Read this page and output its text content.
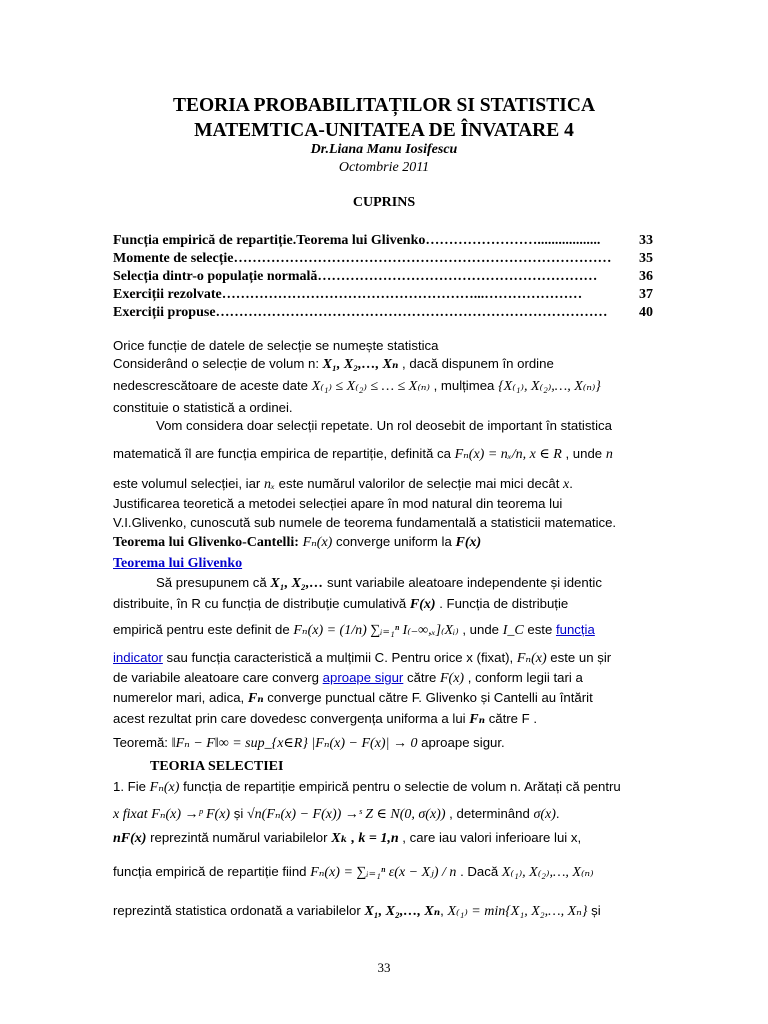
TEORIA PROBABILITAȚILOR SI STATISTICA
MATEMTICA-UNITATEA DE ÎNVATARE 4
Dr.Liana Manu Iosifescu
Octombrie 2011
CUPRINS
Funcția empirică de repartiție.Teorema lui Glivenko ……………………..................	33
Momente de selecție ………………………………………………………………………	35
Selecția dintr-o populație normală ……………………………………………………	36
Exerciții rezolvate ………………………………………………...…………………	37
Exerciții propuse …………………………………………………………………………	40
Orice funcție de datele de selecție se numește statistica
Considerând o selecție de volum n: X₁, X₂,…, Xₙ , dacă dispunem în ordine
nedescrescătoare de aceste date X₍₁₎ ≤ X₍₂₎ ≤ … ≤ X₍ₙ₎ , mulțimea {X₍₁₎, X₍₂₎,…, X₍ₙ₎}
constituie o statistică a ordinei.
Vom considera doar selecții repetate. Un rol deosebit de important în statistica
matematică îl are funcția empirica de repartiție, definită ca Fₙ(x) = nₓ/n, x ∈ R , unde n
este volumul selecției, iar nₓ este numărul valorilor de selecție mai mici decât x.
Justificarea teoretică a metodei selecției apare în mod natural din teorema lui
V.I.Glivenko, cunoscută sub numele de teorema fundamentală a statisticii matematice.
Teorema lui Glivenko-Cantelli: Fₙ(x) converge uniform la F(x)
Teorema lui Glivenko
Să presupunem că X₁, X₂,… sunt variabile aleatoare independente și identic
distribuite, în R cu funcția de distribuție cumulativă F(x) . Funcția de distribuție
empirică pentru este definit de Fₙ(x) = (1/n) ∑ᵢ₌₁ⁿ I₍₋∞,ₓ]₍Xᵢ₎ , unde I_C este funcția
indicator sau funcția caracteristică a mulțimii C. Pentru orice x (fixat), Fₙ(x) este un șir
de variabile aleatoare care converg aproape sigur către F(x) , conform legii tari a
numerelor mari, adica, Fₙ converge punctual către F. Glivenko și Cantelli au întărit
acest rezultat prin care dovedesc convergența uniforma a lui Fₙ către F .
Teoremă: ‖Fₙ − F‖∞ = sup_{x∈R} |Fₙ(x) − F(x)| → 0 aproape sigur.
TEORIA SELECTIEI
1. Fie Fₙ(x) funcția de repartiție empirică pentru o selectie de volum n. Arătați că pentru
x fixat Fₙ(x) →ᵖ F(x) și √n(Fₙ(x) − F(x)) →ˢ Z ∈ N(0, σ(x)) , determinând σ(x).
nF(x) reprezintă numărul variabilelor Xₖ , k = 1,n , care iau valori inferioare lui x,
funcția empirică de repartiție fiind Fₙ(x) = ∑ᵢ₌₁ⁿ ε(x − Xⱼ) / n . Dacă X₍₁₎, X₍₂₎,…, X₍ₙ₎
reprezintă statistica ordonată a variabilelor X₁, X₂,…, Xₙ, X₍₁₎ = min{X₁, X₂,…, Xₙ} și
33
